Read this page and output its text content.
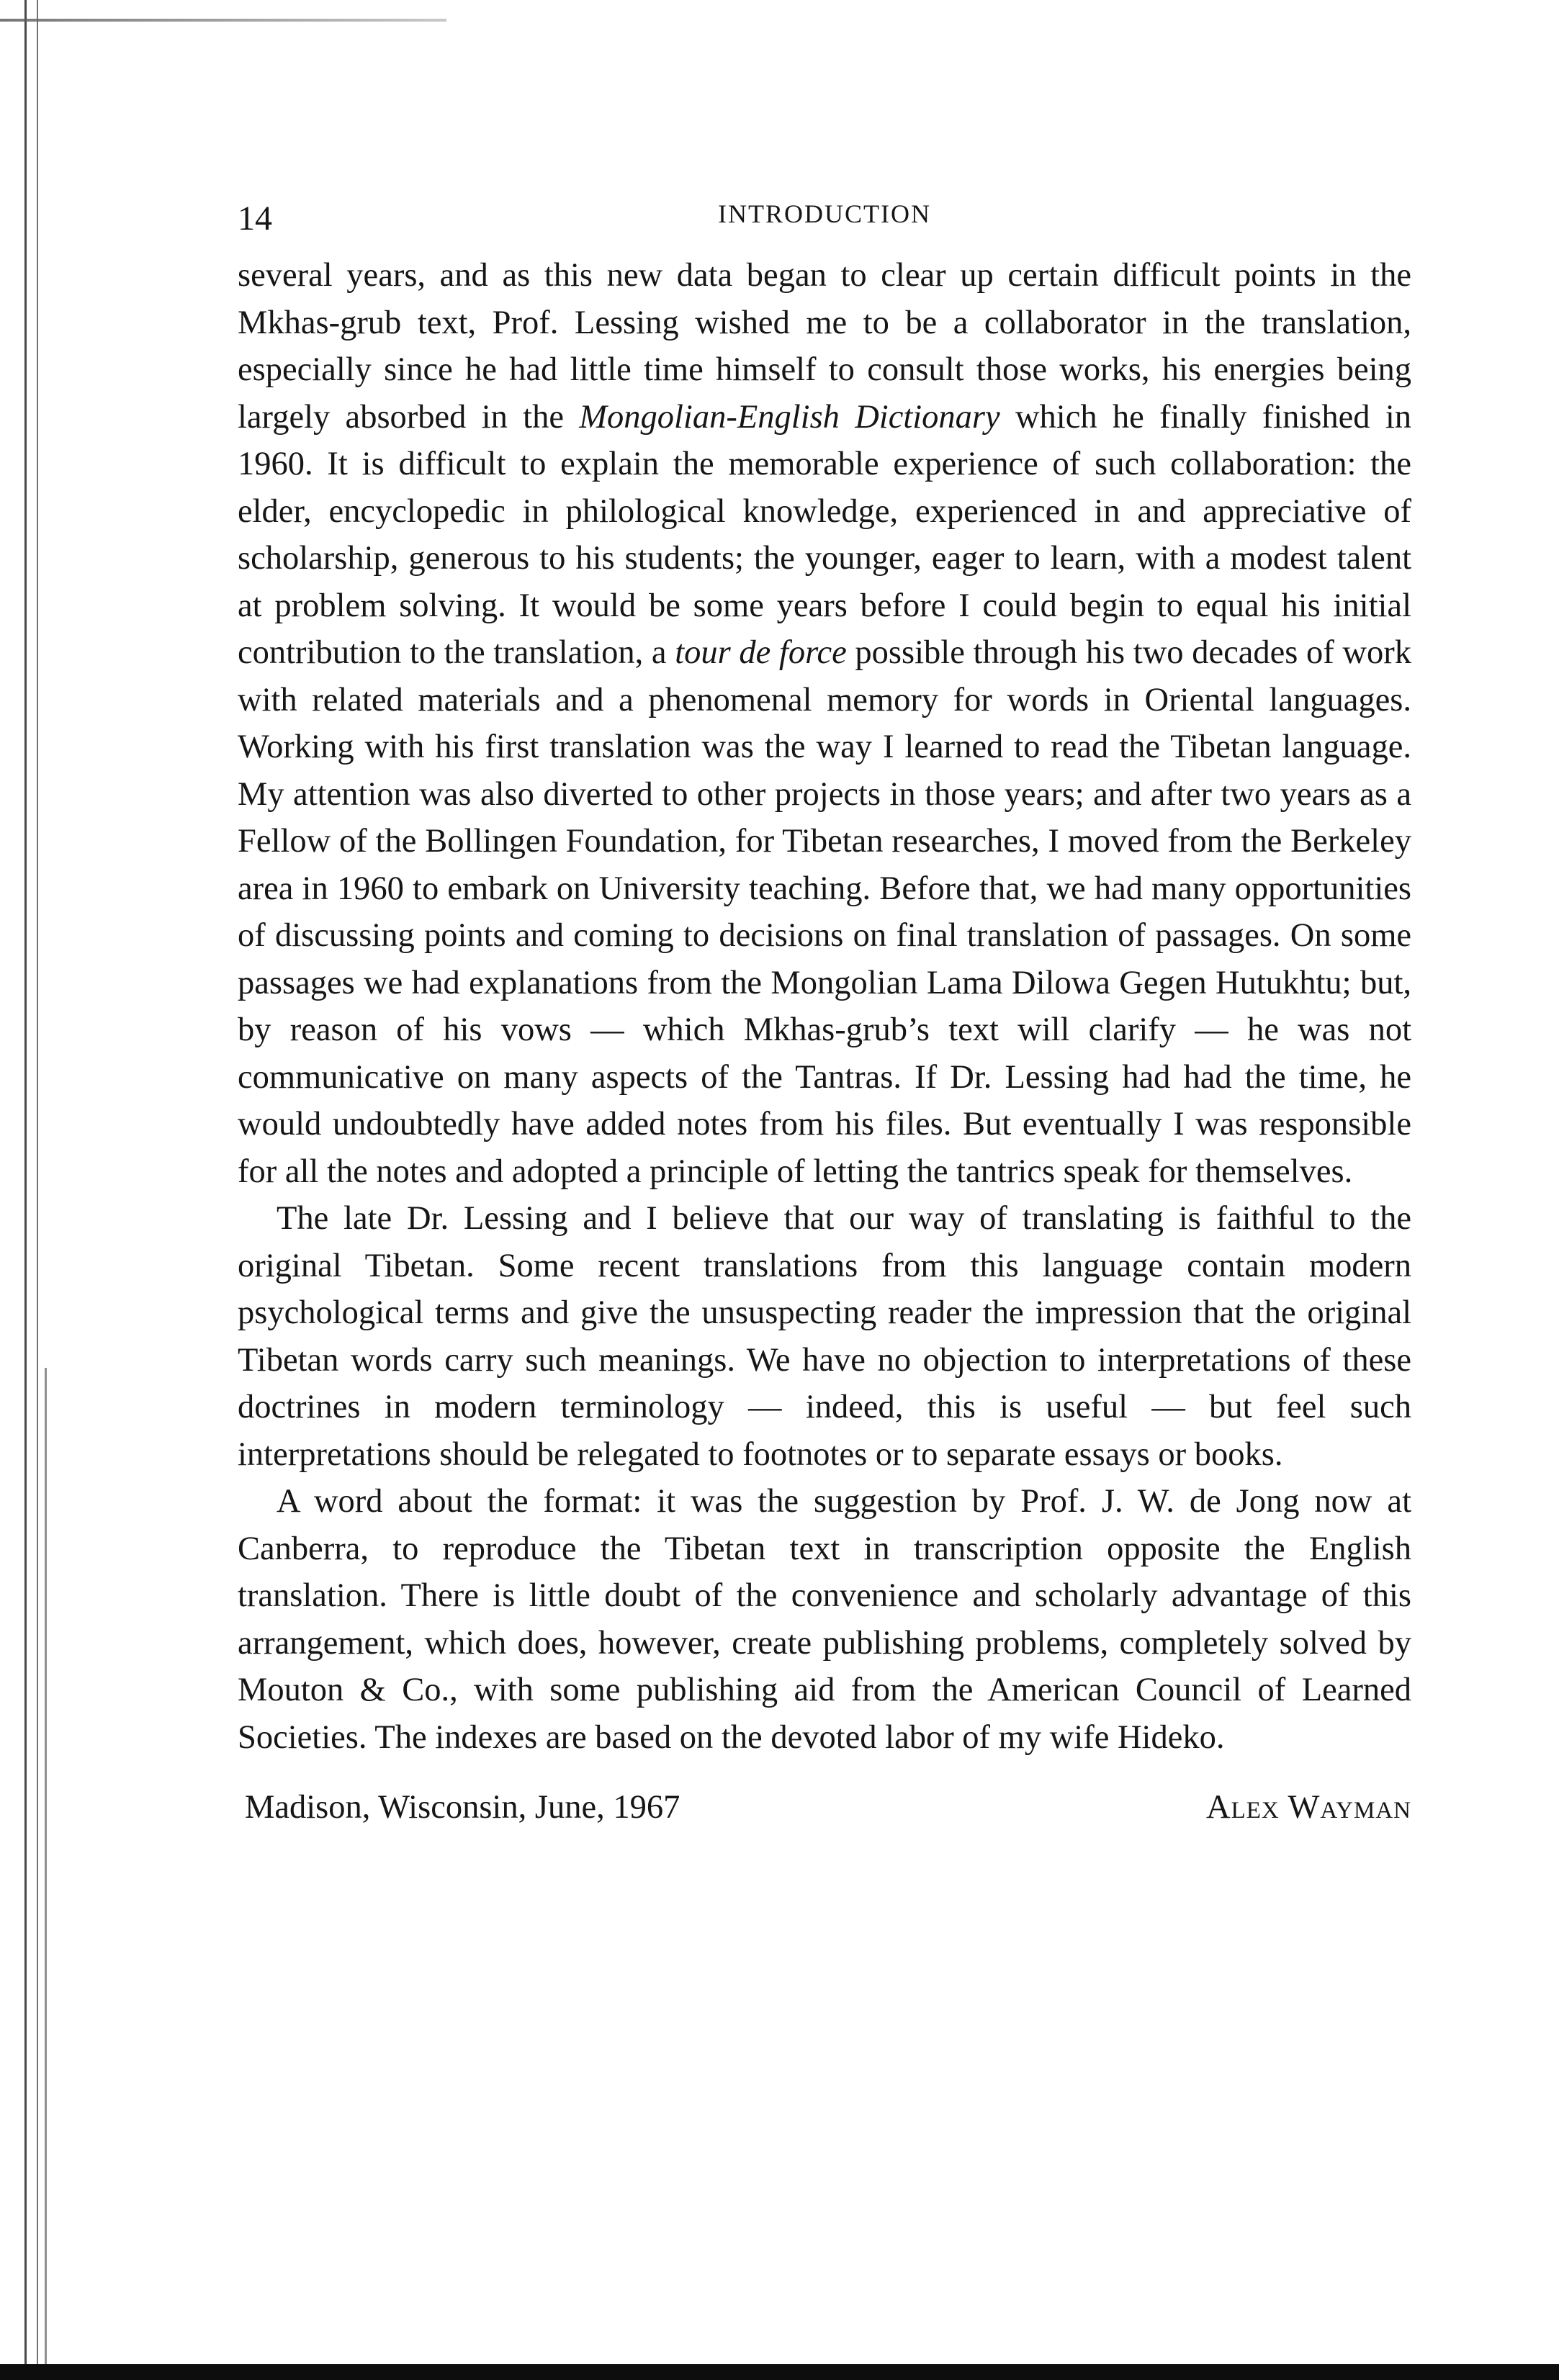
14	INTRODUCTION

several years, and as this new data began to clear up certain difficult points in the Mkhas-grub text, Prof. Lessing wished me to be a collaborator in the translation, especially since he had little time himself to consult those works, his energies being largely absorbed in the Mongolian-English Dictionary which he finally finished in 1960. It is difficult to explain the memorable experience of such collaboration: the elder, encyclopedic in philological knowledge, experienced in and appreciative of scholarship, generous to his students; the younger, eager to learn, with a modest talent at problem solving. It would be some years before I could begin to equal his initial contribution to the translation, a tour de force possible through his two decades of work with related materials and a phenomenal memory for words in Oriental languages. Working with his first translation was the way I learned to read the Tibetan language. My attention was also diverted to other projects in those years; and after two years as a Fellow of the Bollingen Foundation, for Tibetan researches, I moved from the Berkeley area in 1960 to embark on University teaching. Before that, we had many opportunities of discussing points and coming to decisions on final translation of passages. On some passages we had explanations from the Mongolian Lama Dilowa Gegen Hutukhtu; but, by reason of his vows — which Mkhas-grub’s text will clarify — he was not communicative on many aspects of the Tantras. If Dr. Lessing had had the time, he would undoubtedly have added notes from his files. But eventually I was responsible for all the notes and adopted a principle of letting the tantrics speak for themselves.

The late Dr. Lessing and I believe that our way of translating is faithful to the original Tibetan. Some recent translations from this language contain modern psychological terms and give the unsuspecting reader the impression that the original Tibetan words carry such meanings. We have no objection to interpretations of these doctrines in modern terminology — indeed, this is useful — but feel such interpretations should be relegated to footnotes or to separate essays or books.

A word about the format: it was the suggestion by Prof. J. W. de Jong now at Canberra, to reproduce the Tibetan text in transcription opposite the English translation. There is little doubt of the convenience and scholarly advantage of this arrangement, which does, however, create publishing problems, completely solved by Mouton & Co., with some publishing aid from the American Council of Learned Societies. The indexes are based on the devoted labor of my wife Hideko.

Madison, Wisconsin, June, 1967	Alex Wayman
